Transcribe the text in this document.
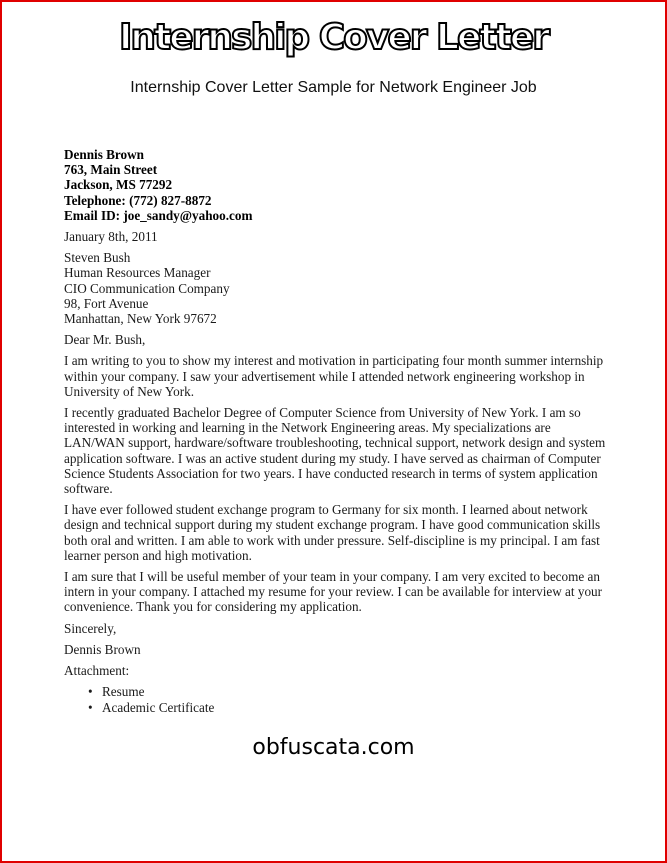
Internship Cover Letter
Internship Cover Letter Sample for Network Engineer Job
Dennis Brown
763, Main Street
Jackson, MS 77292
Telephone: (772) 827-8872
Email ID: joe_sandy@yahoo.com

January 8th, 2011

Steven Bush
Human Resources Manager
CIO Communication Company
98, Fort Avenue
Manhattan, New York 97672

Dear Mr. Bush,

I am writing to you to show my interest and motivation in participating four month summer internship within your company. I saw your advertisement while I attended network engineering workshop in University of New York.

I recently graduated Bachelor Degree of Computer Science from University of New York. I am so interested in working and learning in the Network Engineering areas. My specializations are LAN/WAN support, hardware/software troubleshooting, technical support, network design and system application software. I was an active student during my study. I have served as chairman of Computer Science Students Association for two years. I have conducted research in terms of system application software.

I have ever followed student exchange program to Germany for six month. I learned about network design and technical support during my student exchange program. I have good communication skills both oral and written. I am able to work with under pressure. Self-discipline is my principal. I am fast learner person and high motivation.

I am sure that I will be useful member of your team in your company. I am very excited to become an intern in your company. I attached my resume for your review. I can be available for interview at your convenience. Thank you for considering my application.

Sincerely,

Dennis Brown

Attachment:

• Resume
• Academic Certificate
obfuscata.com
